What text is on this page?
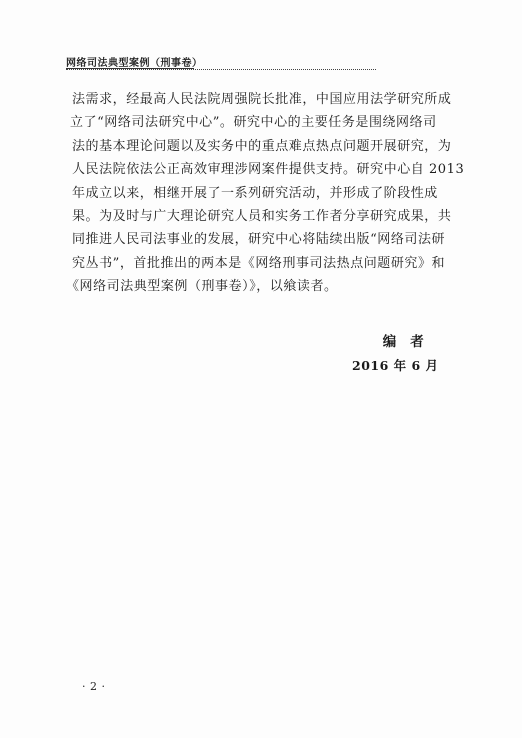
网络司法典型案例（刑事卷）
法需求，经最高人民法院周强院长批准，中国应用法学研究所成
立了“网络司法研究中心”。研究中心的主要任务是围绕网络司
法的基本理论问题以及实务中的重点难点热点问题开展研究，为
人民法院依法公正高效审理涉网案件提供支持。研究中心自 2013
年成立以来，相继开展了一系列研究活动，并形成了阶段性成
果。为及时与广大理论研究人员和实务工作者分享研究成果，共
同推进人民司法事业的发展，研究中心将陆续出版“网络司法研
究丛书”，首批推出的两本是《网络刑事司法热点问题研究》和
《网络司法典型案例（刑事卷）》，以飨读者。
编者
2016 年 6 月
· 2 ·
